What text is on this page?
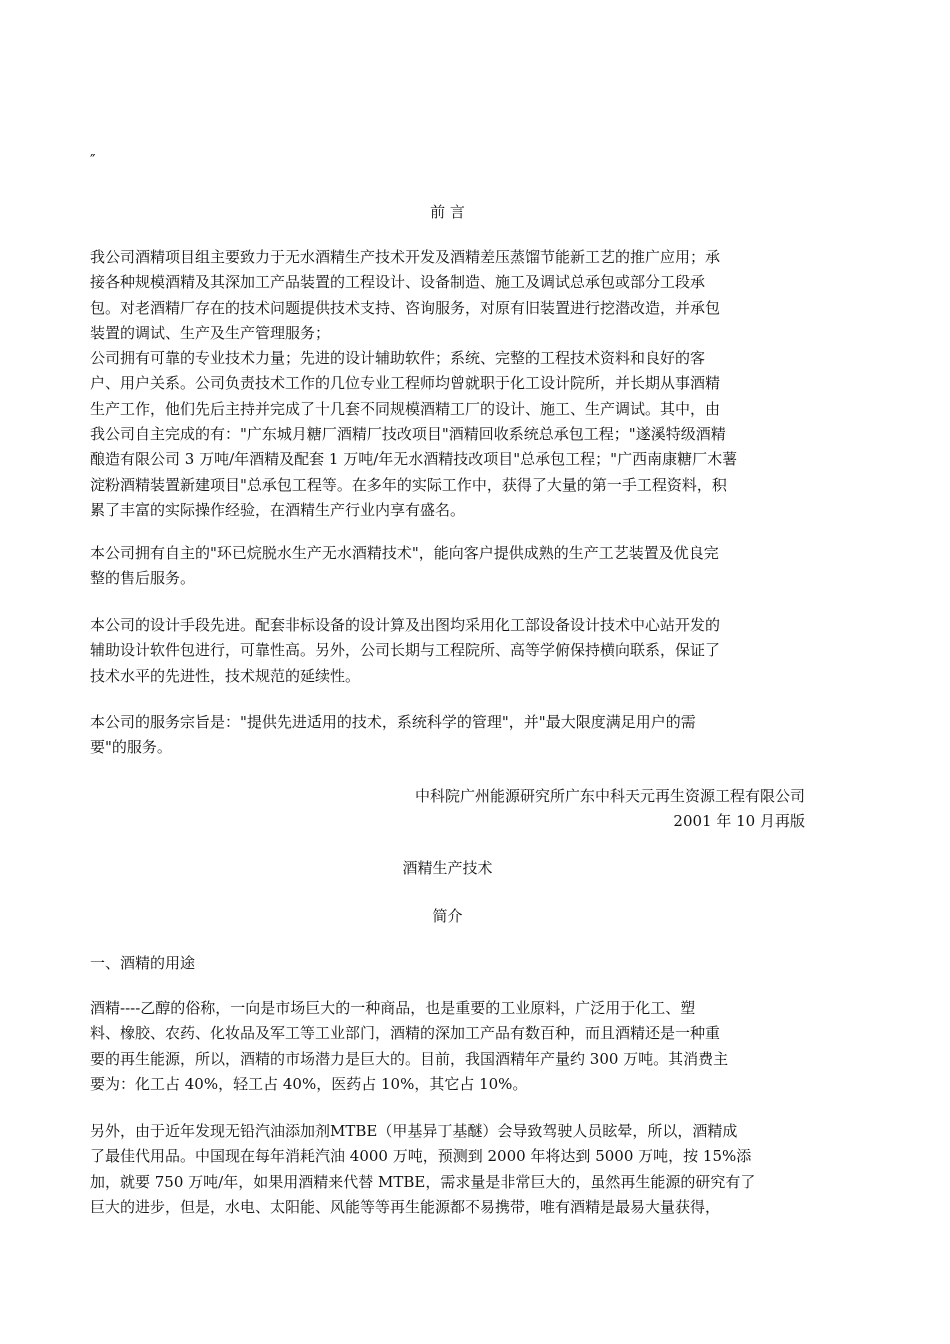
″
前 言

我公司酒精项目组主要致力于无水酒精生产技术开发及酒精差压蒸馏节能新工艺的推广应用；承
接各种规模酒精及其深加工产品装置的工程设计、设备制造、施工及调试总承包或部分工段承
包。对老酒精厂存在的技术问题提供技术支持、咨询服务，对原有旧装置进行挖潜改造，并承包
装置的调试、生产及生产管理服务；
公司拥有可靠的专业技术力量；先进的设计辅助软件；系统、完整的工程技术资料和良好的客
户、用户关系。公司负责技术工作的几位专业工程师均曾就职于化工设计院所，并长期从事酒精
生产工作，他们先后主持并完成了十几套不同规模酒精工厂的设计、施工、生产调试。其中，由
我公司自主完成的有："广东城月糖厂酒精厂技改项目"酒精回收系统总承包工程；"遂溪特级酒精
酿造有限公司 3 万吨/年酒精及配套 1 万吨/年无水酒精技改项目"总承包工程；"广西南康糖厂木薯
淀粉酒精装置新建项目"总承包工程等。在多年的实际工作中，获得了大量的第一手工程资料，积
累了丰富的实际操作经验，在酒精生产行业内享有盛名。

本公司拥有自主的"环已烷脱水生产无水酒精技术"，能向客户提供成熟的生产工艺装置及优良完
整的售后服务。

本公司的设计手段先进。配套非标设备的设计算及出图均采用化工部设备设计技术中心站开发的
辅助设计软件包进行，可靠性高。另外，公司长期与工程院所、高等学俯保持横向联系，保证了
技术水平的先进性，技术规范的延续性。

本公司的服务宗旨是："提供先进适用的技术，系统科学的管理"，并"最大限度满足用户的需
要"的服务。

中科院广州能源研究所广东中科天元再生资源工程有限公司
2001 年 10 月再版
酒精生产技术
简介
一、酒精的用途

酒精----乙醇的俗称，一向是市场巨大的一种商品，也是重要的工业原料，广泛用于化工、塑
料、橡胶、农药、化妆品及军工等工业部门，酒精的深加工产品有数百种，而且酒精还是一种重
要的再生能源，所以，酒精的市场潜力是巨大的。目前，我国酒精年产量约 300 万吨。其消费主
要为：化工占 40%，轻工占 40%，医药占 10%，其它占 10%。

另外，由于近年发现无铅汽油添加剂MTBE（甲基异丁基醚）会导致驾驶人员眩晕，所以，酒精成
了最佳代用品。中国现在每年消耗汽油 4000 万吨，预测到 2000 年将达到 5000 万吨，按 15%添
加，就要 750 万吨/年，如果用酒精来代替 MTBE，需求量是非常巨大的，虽然再生能源的研究有了
巨大的进步，但是，水电、太阳能、风能等等再生能源都不易携带，唯有酒精是最易大量获得，
